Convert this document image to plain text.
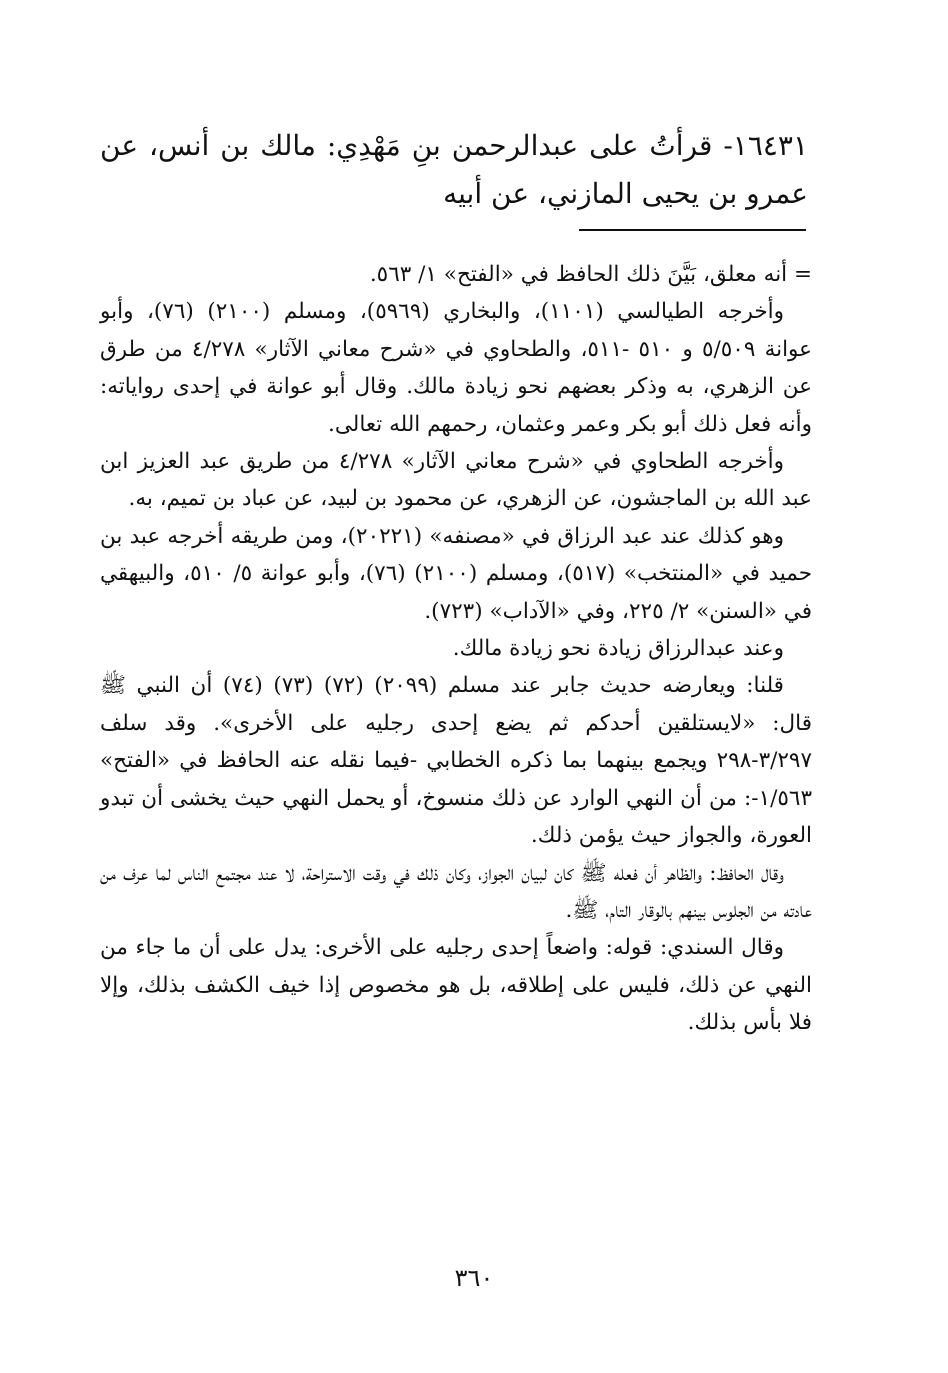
١٦٤٣١- قرأتُ على عبدالرحمن بنِ مَهْدِي: مالك بن أنس، عن عمرو بن يحيى المازني، عن أبيه

= أنه معلق، بَيَّنَ ذلك الحافظ في «الفتح» ١/ ٥٦٣.

وأخرجه الطيالسي (١١٠١)، والبخاري (٥٩٦٩)، ومسلم (٢١٠٠) (٧٦)، وأبو عوانة ٥/٥٠٩ و ٥١٠ -٥١١، والطحاوي في «شرح معاني الآثار» ٤/٢٧٨ من طرق عن الزهري، به وذكر بعضهم نحو زيادة مالك. وقال أبو عوانة في إحدى رواياته: وأنه فعل ذلك أبو بكر وعمر وعثمان، رحمهم الله تعالى.

وأخرجه الطحاوي في «شرح معاني الآثار» ٤/٢٧٨ من طريق عبد العزيز ابن عبد الله بن الماجشون، عن الزهري، عن محمود بن لبيد، عن عباد بن تميم، به.

وهو كذلك عند عبد الرزاق في «مصنفه» (٢٠٢٢١)، ومن طريقه أخرجه عبد بن حميد في «المنتخب» (٥١٧)، ومسلم (٢١٠٠) (٧٦)، وأبو عوانة ٥/ ٥١٠، والبيهقي في «السنن» ٢/ ٢٢٥، وفي «الآداب» (٧٢٣).

وعند عبدالرزاق زيادة نحو زيادة مالك.

قلنا: ويعارضه حديث جابر عند مسلم (٢٠٩٩) (٧٢) (٧٣) (٧٤) أن النبي ﷺ قال: «لايستلقين أحدكم ثم يضع إحدى رجليه على الأخرى». وقد سلف ٣/٢٩٧-٢٩٨ ويجمع بينهما بما ذكره الخطابي -فيما نقله عنه الحافظ في «الفتح» ١/٥٦٣-: من أن النهي الوارد عن ذلك منسوخ، أو يحمل النهي حيث يخشى أن تبدو العورة، والجواز حيث يؤمن ذلك.

وقال الحافظ: والظاهر أن فعله ﷺ كان لبيان الجواز، وكان ذلك في وقت الاستراحة، لا عند مجتمع الناس لما عرف من عادته من الجلوس بينهم بالوقار التام، ﷺ.

وقال السندي: قوله: واضعاً إحدى رجليه على الأخرى: يدل على أن ما جاء من النهي عن ذلك، فليس على إطلاقه، بل هو مخصوص إذا خيف الكشف بذلك، وإلا فلا بأس بذلك.

٣٦٠
